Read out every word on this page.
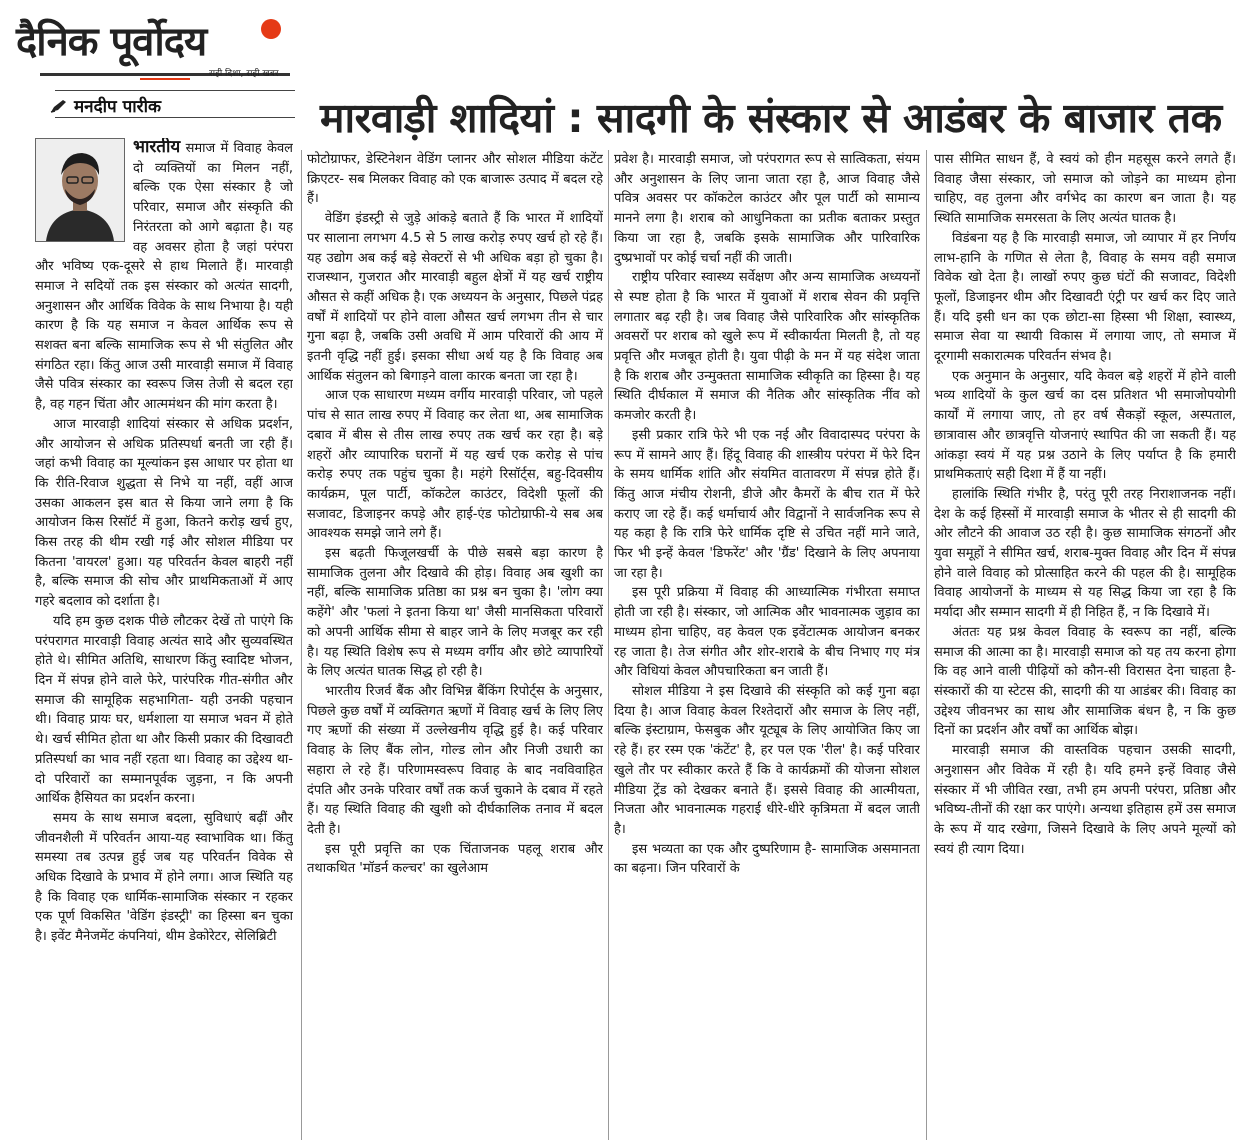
दैनिक पूर्वोदय
सही दिशा, सही खबर
मनदीप पारीक	मारवाड़ी शादियां : सादगी के संस्कार से आडंबर के बाजार तक

भारतीय समाज में विवाह केवल दो व्यक्तियों का मिलन नहीं, बल्कि एक ऐसा संस्कार है जो परिवार, समाज और संस्कृति की निरंतरता को आगे बढ़ाता है। यह वह अवसर होता है जहां परंपरा और भविष्य एक-दूसरे से हाथ मिलाते हैं। मारवाड़ी समाज ने सदियों तक इस संस्कार को अत्यंत सादगी, अनुशासन और आर्थिक विवेक के साथ निभाया है। यही कारण है कि यह समाज न केवल आर्थिक रूप से सशक्त बना बल्कि सामाजिक रूप से भी संतुलित और संगठित रहा। किंतु आज उसी मारवाड़ी समाज में विवाह जैसे पवित्र संस्कार का स्वरूप जिस तेजी से बदल रहा है, वह गहन चिंता और आत्ममंथन की मांग करता है।

आज मारवाड़ी शादियां संस्कार से अधिक प्रदर्शन, और आयोजन से अधिक प्रतिस्पर्धा बनती जा रही हैं। जहां कभी विवाह का मूल्यांकन इस आधार पर होता था कि रीति-रिवाज शुद्धता से निभे या नहीं, वहीं आज उसका आकलन इस बात से किया जाने लगा है कि आयोजन किस रिसॉर्ट में हुआ, कितने करोड़ खर्च हुए, किस तरह की थीम रखी गई और सोशल मीडिया पर कितना 'वायरल' हुआ। यह परिवर्तन केवल बाहरी नहीं है, बल्कि समाज की सोच और प्राथमिकताओं में आए गहरे बदलाव को दर्शाता है।

यदि हम कुछ दशक पीछे लौटकर देखें तो पाएंगे कि परंपरागत मारवाड़ी विवाह अत्यंत सादे और सुव्यवस्थित होते थे। सीमित अतिथि, साधारण किंतु स्वादिष्ट भोजन, दिन में संपन्न होने वाले फेरे, पारंपरिक गीत-संगीत और समाज की सामूहिक सहभागिता- यही उनकी पहचान थी। विवाह प्रायः घर, धर्मशाला या समाज भवन में होते थे। खर्च सीमित होता था और किसी प्रकार की दिखावटी प्रतिस्पर्धा का भाव नहीं रहता था। विवाह का उद्देश्य था- दो परिवारों का सम्मानपूर्वक जुड़ना, न कि अपनी आर्थिक हैसियत का प्रदर्शन करना।

समय के साथ समाज बदला, सुविधाएं बढ़ीं और जीवनशैली में परिवर्तन आया-यह स्वाभाविक था। किंतु समस्या तब उत्पन्न हुई जब यह परिवर्तन विवेक से अधिक दिखावे के प्रभाव में होने लगा। आज स्थिति यह है कि विवाह एक धार्मिक-सामाजिक संस्कार न रहकर एक पूर्ण विकसित 'वेडिंग इंडस्ट्री' का हिस्सा बन चुका है। इवेंट मैनेजमेंट कंपनियां, थीम डेकोरेटर, सेलिब्रिटी

फोटोग्राफर, डेस्टिनेशन वेडिंग प्लानर और सोशल मीडिया कंटेंट क्रिएटर- सब मिलकर विवाह को एक बाजारू उत्पाद में बदल रहे हैं।

वेडिंग इंडस्ट्री से जुड़े आंकड़े बताते हैं कि भारत में शादियों पर सालाना लगभग 4.5 से 5 लाख करोड़ रुपए खर्च हो रहे हैं। यह उद्योग अब कई बड़े सेक्टरों से भी अधिक बड़ा हो चुका है। राजस्थान, गुजरात और मारवाड़ी बहुल क्षेत्रों में यह खर्च राष्ट्रीय औसत से कहीं अधिक है। एक अध्ययन के अनुसार, पिछले पंद्रह वर्षों में शादियों पर होने वाला औसत खर्च लगभग तीन से चार गुना बढ़ा है, जबकि उसी अवधि में आम परिवारों की आय में इतनी वृद्धि नहीं हुई। इसका सीधा अर्थ यह है कि विवाह अब आर्थिक संतुलन को बिगाड़ने वाला कारक बनता जा रहा है।

आज एक साधारण मध्यम वर्गीय मारवाड़ी परिवार, जो पहले पांच से सात लाख रुपए में विवाह कर लेता था, अब सामाजिक दबाव में बीस से तीस लाख रुपए तक खर्च कर रहा है। बड़े शहरों और व्यापारिक घरानों में यह खर्च एक करोड़ से पांच करोड़ रुपए तक पहुंच चुका है। महंगे रिसॉर्ट्स, बहु-दिवसीय कार्यक्रम, पूल पार्टी, कॉकटेल काउंटर, विदेशी फूलों की सजावट, डिजाइनर कपड़े और हाई-एंड फोटोग्राफी-ये सब अब आवश्यक समझे जाने लगे हैं।

इस बढ़ती फिजूलखर्ची के पीछे सबसे बड़ा कारण है सामाजिक तुलना और दिखावे की होड़। विवाह अब खुशी का नहीं, बल्कि सामाजिक प्रतिष्ठा का प्रश्न बन चुका है। 'लोग क्या कहेंगे' और 'फलां ने इतना किया था' जैसी मानसिकता परिवारों को अपनी आर्थिक सीमा से बाहर जाने के लिए मजबूर कर रही है। यह स्थिति विशेष रूप से मध्यम वर्गीय और छोटे व्यापारियों के लिए अत्यंत घातक सिद्ध हो रही है।

भारतीय रिजर्व बैंक और विभिन्न बैंकिंग रिपोर्ट्स के अनुसार, पिछले कुछ वर्षों में व्यक्तिगत ऋणों में विवाह खर्च के लिए लिए गए ऋणों की संख्या में उल्लेखनीय वृद्धि हुई है। कई परिवार विवाह के लिए बैंक लोन, गोल्ड लोन और निजी उधारी का सहारा ले रहे हैं। परिणामस्वरूप विवाह के बाद नवविवाहित दंपति और उनके परिवार वर्षों तक कर्ज चुकाने के दबाव में रहते हैं। यह स्थिति विवाह की खुशी को दीर्घकालिक तनाव में बदल देती है।

इस पूरी प्रवृत्ति का एक चिंताजनक पहलू शराब और तथाकथित 'मॉडर्न कल्चर' का खुलेआम

प्रवेश है। मारवाड़ी समाज, जो परंपरागत रूप से सात्विकता, संयम और अनुशासन के लिए जाना जाता रहा है, आज विवाह जैसे पवित्र अवसर पर कॉकटेल काउंटर और पूल पार्टी को सामान्य मानने लगा है। शराब को आधुनिकता का प्रतीक बताकर प्रस्तुत किया जा रहा है, जबकि इसके सामाजिक और पारिवारिक दुष्प्रभावों पर कोई चर्चा नहीं की जाती।

राष्ट्रीय परिवार स्वास्थ्य सर्वेक्षण और अन्य सामाजिक अध्ययनों से स्पष्ट होता है कि भारत में युवाओं में शराब सेवन की प्रवृत्ति लगातार बढ़ रही है। जब विवाह जैसे पारिवारिक और सांस्कृतिक अवसरों पर शराब को खुले रूप में स्वीकार्यता मिलती है, तो यह प्रवृत्ति और मजबूत होती है। युवा पीढ़ी के मन में यह संदेश जाता है कि शराब और उन्मुक्तता सामाजिक स्वीकृति का हिस्सा है। यह स्थिति दीर्घकाल में समाज की नैतिक और सांस्कृतिक नींव को कमजोर करती है।

इसी प्रकार रात्रि फेरे भी एक नई और विवादास्पद परंपरा के रूप में सामने आए हैं। हिंदू विवाह की शास्त्रीय परंपरा में फेरे दिन के समय धार्मिक शांति और संयमित वातावरण में संपन्न होते हैं। किंतु आज मंचीय रोशनी, डीजे और कैमरों के बीच रात में फेरे कराए जा रहे हैं। कई धर्माचार्य और विद्वानों ने सार्वजनिक रूप से यह कहा है कि रात्रि फेरे धार्मिक दृष्टि से उचित नहीं माने जाते, फिर भी इन्हें केवल 'डिफरेंट' और 'ग्रैंड' दिखाने के लिए अपनाया जा रहा है।

इस पूरी प्रक्रिया में विवाह की आध्यात्मिक गंभीरता समाप्त होती जा रही है। संस्कार, जो आत्मिक और भावनात्मक जुड़ाव का माध्यम होना चाहिए, वह केवल एक इवेंटात्मक आयोजन बनकर रह जाता है। तेज संगीत और शोर-शराबे के बीच निभाए गए मंत्र और विधियां केवल औपचारिकता बन जाती हैं।

सोशल मीडिया ने इस दिखावे की संस्कृति को कई गुना बढ़ा दिया है। आज विवाह केवल रिश्तेदारों और समाज के लिए नहीं, बल्कि इंस्टाग्राम, फेसबुक और यूट्यूब के लिए आयोजित किए जा रहे हैं। हर रस्म एक 'कंटेंट' है, हर पल एक 'रील' है। कई परिवार खुले तौर पर स्वीकार करते हैं कि वे कार्यक्रमों की योजना सोशल मीडिया ट्रेंड को देखकर बनाते हैं। इससे विवाह की आत्मीयता, निजता और भावनात्मक गहराई धीरे-धीरे कृत्रिमता में बदल जाती है।

इस भव्यता का एक और दुष्परिणाम है- सामाजिक असमानता का बढ़ना। जिन परिवारों के

पास सीमित साधन हैं, वे स्वयं को हीन महसूस करने लगते हैं। विवाह जैसा संस्कार, जो समाज को जोड़ने का माध्यम होना चाहिए, वह तुलना और वर्गभेद का कारण बन जाता है। यह स्थिति सामाजिक समरसता के लिए अत्यंत घातक है।

विडंबना यह है कि मारवाड़ी समाज, जो व्यापार में हर निर्णय लाभ-हानि के गणित से लेता है, विवाह के समय वही समाज विवेक खो देता है। लाखों रुपए कुछ घंटों की सजावट, विदेशी फूलों, डिजाइनर थीम और दिखावटी एंट्री पर खर्च कर दिए जाते हैं। यदि इसी धन का एक छोटा-सा हिस्सा भी शिक्षा, स्वास्थ्य, समाज सेवा या स्थायी विकास में लगाया जाए, तो समाज में दूरगामी सकारात्मक परिवर्तन संभव है।

एक अनुमान के अनुसार, यदि केवल बड़े शहरों में होने वाली भव्य शादियों के कुल खर्च का दस प्रतिशत भी समाजोपयोगी कार्यों में लगाया जाए, तो हर वर्ष सैकड़ों स्कूल, अस्पताल, छात्रावास और छात्रवृत्ति योजनाएं स्थापित की जा सकती हैं। यह आंकड़ा स्वयं में यह प्रश्न उठाने के लिए पर्याप्त है कि हमारी प्राथमिकताएं सही दिशा में हैं या नहीं।

हालांकि स्थिति गंभीर है, परंतु पूरी तरह निराशाजनक नहीं। देश के कई हिस्सों में मारवाड़ी समाज के भीतर से ही सादगी की ओर लौटने की आवाज उठ रही है। कुछ सामाजिक संगठनों और युवा समूहों ने सीमित खर्च, शराब-मुक्त विवाह और दिन में संपन्न होने वाले विवाह को प्रोत्साहित करने की पहल की है। सामूहिक विवाह आयोजनों के माध्यम से यह सिद्ध किया जा रहा है कि मर्यादा और सम्मान सादगी में ही निहित हैं, न कि दिखावे में।

अंततः यह प्रश्न केवल विवाह के स्वरूप का नहीं, बल्कि समाज की आत्मा का है। मारवाड़ी समाज को यह तय करना होगा कि वह आने वाली पीढ़ियों को कौन-सी विरासत देना चाहता है- संस्कारों की या स्टेटस की, सादगी की या आडंबर की। विवाह का उद्देश्य जीवनभर का साथ और सामाजिक बंधन है, न कि कुछ दिनों का प्रदर्शन और वर्षों का आर्थिक बोझ।

मारवाड़ी समाज की वास्तविक पहचान उसकी सादगी, अनुशासन और विवेक में रही है। यदि हमने इन्हें विवाह जैसे संस्कार में भी जीवित रखा, तभी हम अपनी परंपरा, प्रतिष्ठा और भविष्य-तीनों की रक्षा कर पाएंगे। अन्यथा इतिहास हमें उस समाज के रूप में याद रखेगा, जिसने दिखावे के लिए अपने मूल्यों को स्वयं ही त्याग दिया।
